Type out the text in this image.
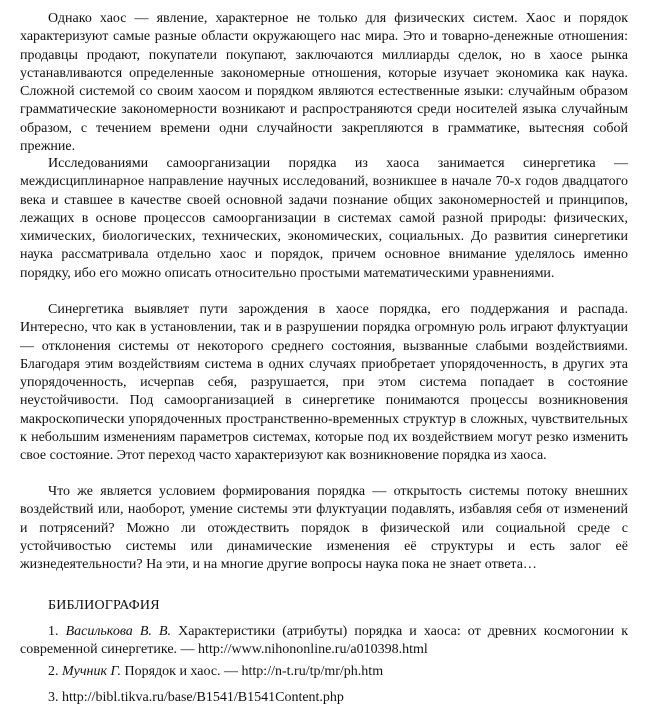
Однако хаос — явление, характерное не только для физических систем. Хаос и порядок характеризуют самые разные области окружающего нас мира. Это и товарно-денежные отношения: продавцы продают, покупатели покупают, заключаются миллиарды сделок, но в хаосе рынка устанавливаются определенные закономерные отношения, которые изучает экономика как наука. Сложной системой со своим хаосом и порядком являются естественные языки: случайным образом грамматические закономерности возникают и распространяются среди носителей языка случайным образом, с течением времени одни случайности закрепляются в грамматике, вытесняя собой прежние.

Исследованиями самоорганизации порядка из хаоса занимается синергетика — междисциплинарное направление научных исследований, возникшее в начале 70-х годов двадцатого века и ставшее в качестве своей основной задачи познание общих закономерностей и принципов, лежащих в основе процессов самоорганизации в системах самой разной природы: физических, химических, биологических, технических, экономических, социальных. До развития синергетики наука рассматривала отдельно хаос и порядок, причем основное внимание уделялось именно порядку, ибо его можно описать относительно простыми математическими уравнениями.

Синергетика выявляет пути зарождения в хаосе порядка, его поддержания и распада. Интересно, что как в установлении, так и в разрушении порядка огромную роль играют флуктуации — отклонения системы от некоторого среднего состояния, вызванные слабыми воздействиями. Благодаря этим воздействиям система в одних случаях приобретает упорядоченность, в других эта упорядоченность, исчерпав себя, разрушается, при этом система попадает в состояние неустойчивости. Под самоорганизацией в синергетике понимаются процессы возникновения макроскопически упорядоченных пространственно-временных структур в сложных, чувствительных к небольшим изменениям параметров системах, которые под их воздействием могут резко изменить свое состояние. Этот переход часто характеризуют как возникновение порядка из хаоса.

Что же является условием формирования порядка — открытость системы потоку внешних воздействий или, наоборот, умение системы эти флуктуации подавлять, избавляя себя от изменений и потрясений? Можно ли отождествить порядок в физической или социальной среде с устойчивостью системы или динамические изменения её структуры и есть залог её жизнедеятельности? На эти, и на многие другие вопросы наука пока не знает ответа…

БИБЛИОГРАФИЯ

1. Василькова В. В. Характеристики (атрибуты) порядка и хаоса: от древних космогонии к современной синергетике. — http://www.nihononline.ru/a010398.html

2. Мучник Г. Порядок и хаос. — http://n-t.ru/tp/mr/ph.htm

3. http://bibl.tikva.ru/base/B1541/B1541Content.php
